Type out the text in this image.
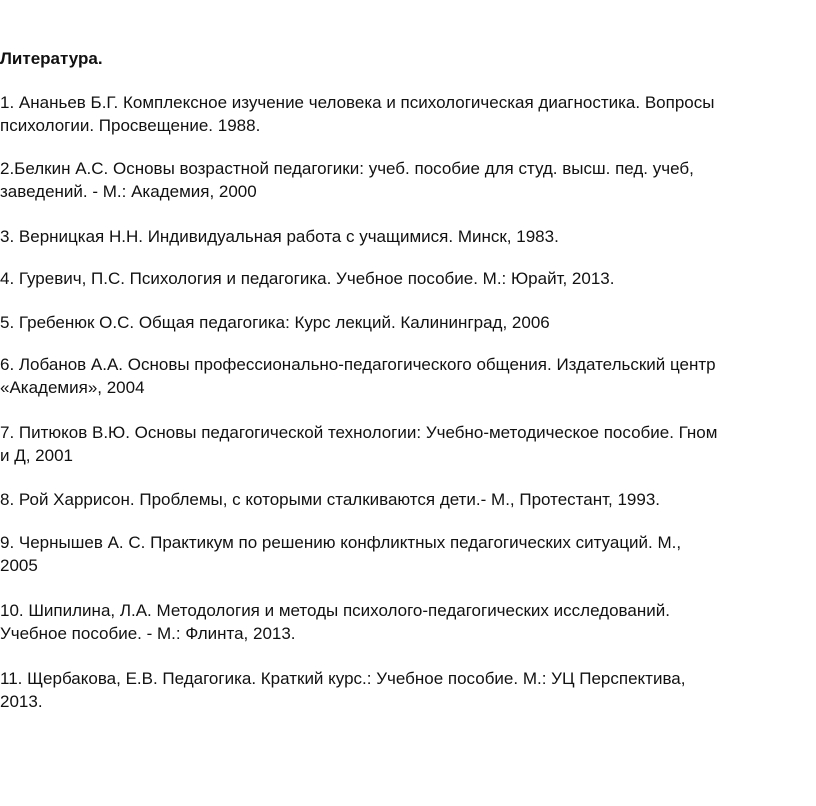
Литература.

1. Ананьев Б.Г. Комплексное изучение человека и психологическая диагностика. Вопросы
психологии. Просвещение. 1988.

2.Белкин А.С. Основы возрастной педагогики: учеб. пособие для студ. высш. пед. учеб,
заведений. - М.: Академия, 2000

3. Верницкая Н.Н. Индивидуальная работа с учащимися. Минск, 1983.

4. Гуревич, П.С. Психология и педагогика. Учебное пособие. М.: Юрайт, 2013.

5. Гребенюк О.С. Общая педагогика: Курс лекций. Калининград, 2006

6. Лобанов А.А. Основы профессионально-педагогического общения. Издательский центр
«Академия», 2004

7. Питюков В.Ю. Основы педагогической технологии: Учебно-методическое пособие. Гном
и Д, 2001

8. Рой Харрисон. Проблемы, с которыми сталкиваются дети.- М., Протестант, 1993.

9. Чернышев А. С. Практикум по решению конфликтных педагогических ситуаций. М.,
2005

10. Шипилина, Л.А. Методология и методы психолого-педагогических исследований.
Учебное пособие. - М.: Флинта, 2013.

11. Щербакова, Е.В. Педагогика. Краткий курс.: Учебное пособие. М.: УЦ Перспектива,
2013.
